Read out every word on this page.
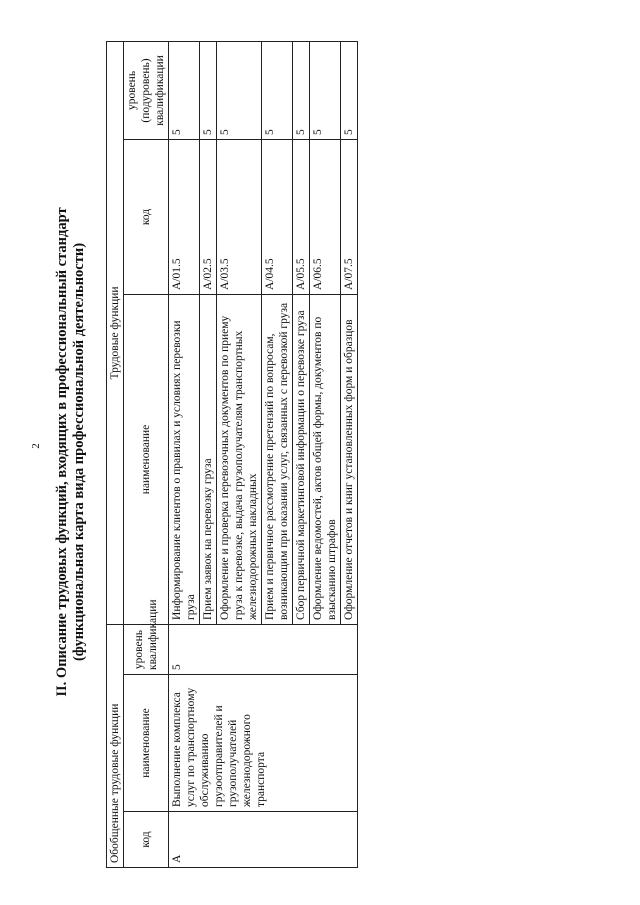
2 II. Описание трудовых функций, входящих в профессиональный стандарт (функциональная карта вида профессиональной деятельности)
Обобщенные трудовые функции			Трудовые функции		
код	наименование	уровень квалификации	наименование	код	уровень (подуровень) квалификации
А	Выполнение комплекса услуг по транспортному обслуживанию грузоотправителей и грузополучателей железнодорожного транспорта	5	Информирование клиентов о правилах и условиях перевозки груза	А/01.5	5
			Прием заявок на перевозку груза	А/02.5	5
			Оформление и проверка перевозочных документов по приему груза к перевозке, выдача грузополучателям транспортных железнодорожных накладных	А/03.5	5
			Прием и первичное рассмотрение претензий по вопросам, возникающим при оказании услуг, связанных с перевозкой груза	А/04.5	5
			Сбор первичной маркетинговой информации о перевозке груза	А/05.5	5
			Оформление ведомостей, актов общей формы, документов по взысканию штрафов	А/06.5	5
			Оформление отчетов и книг установленных форм и образцов	А/07.5	5
